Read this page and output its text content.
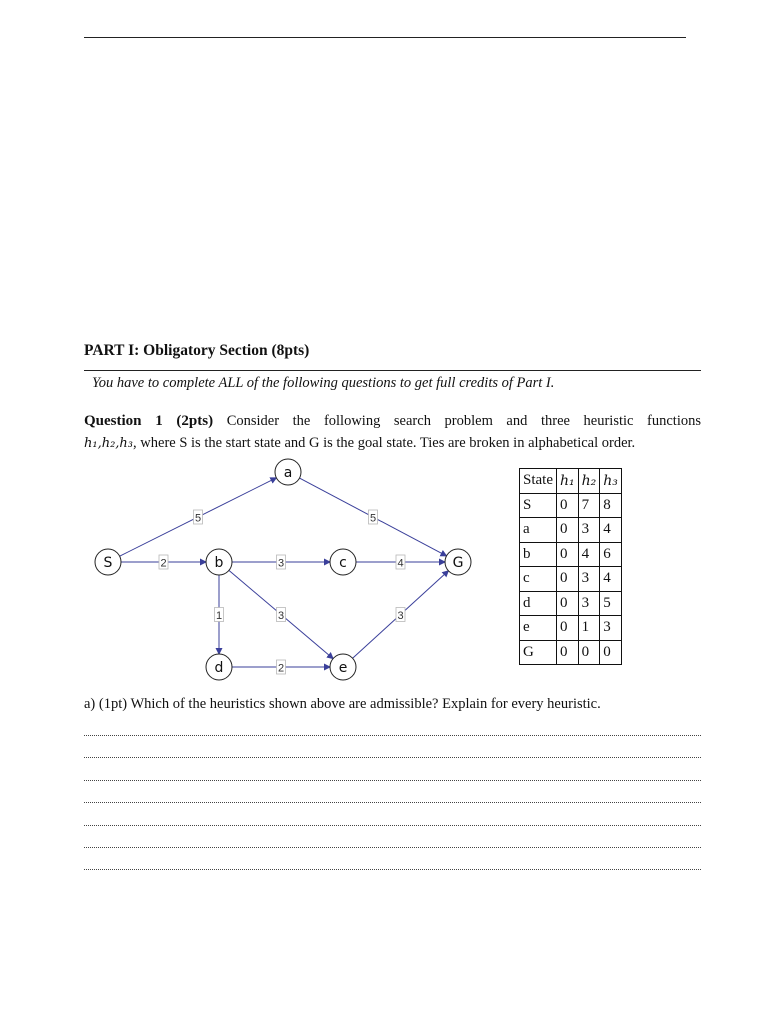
PART I: Obligatory Section (8pts)
You have to complete ALL of the following questions to get full credits of Part I.
Question 1 (2pts) Consider the following search problem and three heuristic functions
h₁,h₂,h₃, where S is the start state and G is the goal state. Ties are broken in alphabetical order.
5
2
5
3	4
1	3
2
3
S
a
b	c
d	e
G
State	h₁	h₂	h₃
S	0	7	8
a	0	3	4
b	0	4	6
c	0	3	4
d	0	3	5
e	0	1	3
G	0	0	0
a) (1pt) Which of the heuristics shown above are admissible? Explain for every heuristic.
